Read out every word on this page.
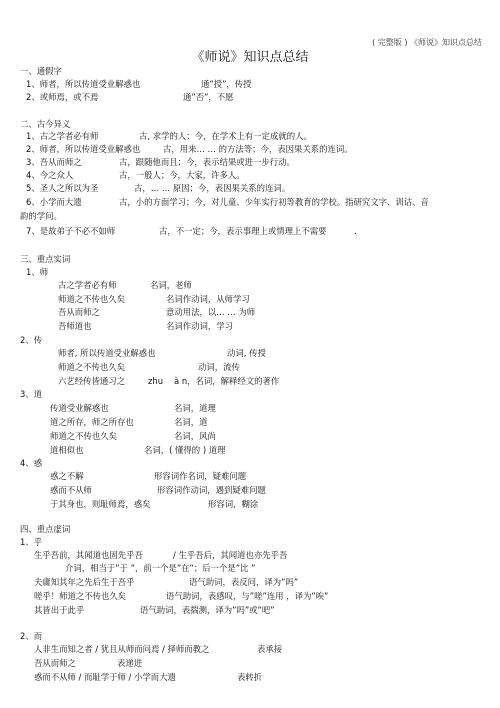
( 完整版 ) 《师说》知识点总结
《师说》知识点总结
一、通假字
1、师者，所以传道受业解惑也	通”授”，传授
2、或师焉，或不焉	通”否”，不愿
二、古今异义
1、古之学者必有师	古, 求学的人；今，在学术上有一定成就的人。
2、师者，所以传道受业解惑也	古，用来… … 的方法等；今，表因果关系的连词。
3、吾从而师之	古，跟随他而且；今，表示结果或进一步行动。
4、今之众人	古，一般人；今，大家，许多人。
5、圣人之所以为圣	古，… … 原因；今，表因果关系的连词。
6、小学而大遗	古，小的方面学习；今，对儿童、少年实行初等教育的学校。指研究文字、训诂、音
韵的学问。
7、是故弟子不必不如师	古，不一定；今，表示事理上或情理上不需要	.
三、重点实词
1、师
古之学者必有师	名词，老师
师道之不传也久矣	名词作动词，从师学习
吾从而师之	意动用法，以… … 为师
吾师道也	名词作动词，学习
2、传
师者, 所以传道受业解惑也	动词, 传授
师道之不传也久矣	动词，流传
六艺经传皆通习之	zhu　 à n，名词，解释经文的著作
3、道
传道受业解惑也	名词，道理
道之所存，师之所存也	名词，道
师道之不传也久矣	名词，风尚
道相似也	名词，( 懂得的 ) 道理
4、惑
惑之不解	形容词作名词，疑难问题
惑而不从师	形容词作动词，遇到疑难问题
于其身也，则耻师焉，惑矣	形容词，糊涂
四、重点虚词
1、乎
生乎吾前，其闻道也固先乎吾	/ 生乎吾后，其闻道也亦先乎吾
介词，相当于”于 ”，前一个是”在”；后一个是”比 ”
夫庸知其年之先后生于吾乎	语气助词，表反问，译为”吗”
嗟乎！师道之不传也久矣	语气助词，表感叹，与”嗟”连用 ，译为”唉”
其皆出于此乎	语气助词，表揣测，译为”吗”或”吧”
2、而
人非生而知之者 / 犹且从师而问焉 / 择师而教之	表承接
吾从而师之	表递进
惑而不从师 / 而耻学于师 / 小学而大遗	表转折
